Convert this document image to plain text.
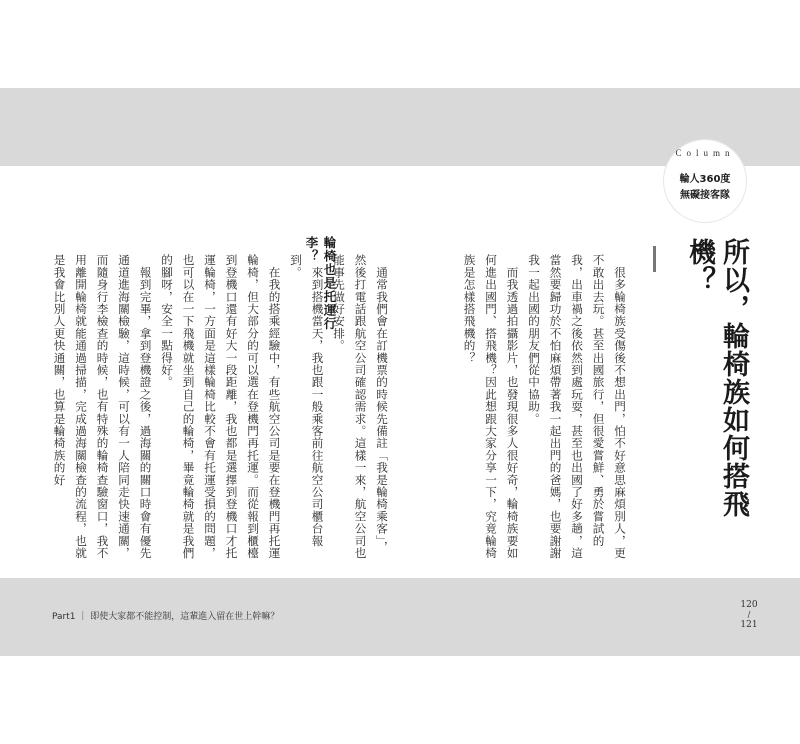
Column
輪人360度
無礙接客隊
所以，輪椅族如何搭飛機？
　很多輪椅族受傷後不想出門，怕不好意思麻煩別人，更不敢出去玩。甚至出國旅行，但很愛嘗鮮、勇於嘗試的我，出車禍之後依然到處玩耍，甚至也出國了好多趟，這當然要歸功於不怕麻煩帶著我一起出門的爸媽，也要謝謝我一起出國的朋友們從中協助。
　而我透過拍攝影片，也發現很多人很好奇，輪椅族要如何進出國門、搭飛機？因此想跟大家分享一下，究竟輪椅族是怎樣搭飛機的？
輪椅也是托運行李？
　通常我們會在訂機票的時候先備註「我是輪椅乘客」，然後打電話跟航空公司確認需求。這樣一來，航空公司也能事先做好安排。
　來到搭機當天，我也跟一般乘客前往航空公司櫃台報到。
　在我的搭乘經驗中，有些航空公司是要在登機門再托運輪椅，但大部分的可以選在登機門再托運。而從報到櫃檯到登機口還有好大一段距離，我也都是選擇到登機口才托運輪椅，一方面是這樣輪椅比較不會有托運受損的問題，也可以在一下飛機就坐到自己的輪椅，畢竟輪椅就是我們的腳呀，安全一點得好。
　報到完畢，拿到登機證之後，過海關的關口時會有優先通道進海關檢驗，這時候，可以有一人陪同走快速通關，而隨身行李檢查的時候，也有特殊的輪椅查驗窗口，我不用離開輪椅就能通過掃描，完成過海關檢查的流程，也就是我會比別人更快通關，也算是輪椅族的好
Part1 ｜ 即使大家都不能控制，這輩進入留在世上幹嘛？
120
/
121
